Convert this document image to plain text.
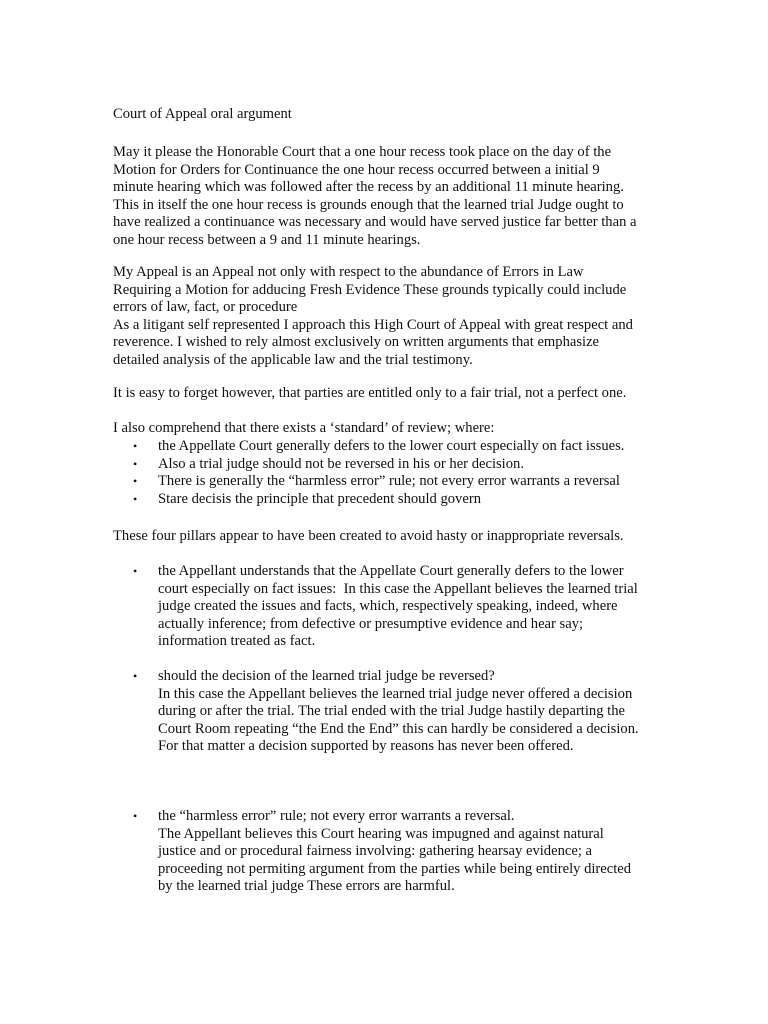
Court of Appeal oral argument

May it please the Honorable Court that a one hour recess took place on the day of the
Motion for Orders for Continuance the one hour recess occurred between a initial 9
minute hearing which was followed after the recess by an additional 11 minute hearing.
This in itself the one hour recess is grounds enough that the learned trial Judge ought to
have realized a continuance was necessary and would have served justice far better than a
one hour recess between a 9 and 11 minute hearings.

My Appeal is an Appeal not only with respect to the abundance of Errors in Law
Requiring a Motion for adducing Fresh Evidence These grounds typically could include
errors of law, fact, or procedure
As a litigant self represented I approach this High Court of Appeal with great respect and
reverence. I wished to rely almost exclusively on written arguments that emphasize
detailed analysis of the applicable law and the trial testimony.

It is easy to forget however, that parties are entitled only to a fair trial, not a perfect one.

I also comprehend that there exists a ‘standard’ of review; where:

• the Appellate Court generally defers to the lower court especially on fact issues.
• Also a trial judge should not be reversed in his or her decision.
• There is generally the “harmless error” rule; not every error warrants a reversal
• Stare decisis the principle that precedent should govern

These four pillars appear to have been created to avoid hasty or inappropriate reversals.

• the Appellant understands that the Appellate Court generally defers to the lower
court especially on fact issues:  In this case the Appellant believes the learned trial
judge created the issues and facts, which, respectively speaking, indeed, where
actually inference; from defective or presumptive evidence and hear say;
information treated as fact.
• should the decision of the learned trial judge be reversed?
In this case the Appellant believes the learned trial judge never offered a decision
during or after the trial. The trial ended with the trial Judge hastily departing the
Court Room repeating “the End the End” this can hardly be considered a decision.
For that matter a decision supported by reasons has never been offered.
• the “harmless error” rule; not every error warrants a reversal.
The Appellant believes this Court hearing was impugned and against natural
justice and or procedural fairness involving: gathering hearsay evidence; a
proceeding not permiting argument from the parties while being entirely directed
by the learned trial judge These errors are harmful.
